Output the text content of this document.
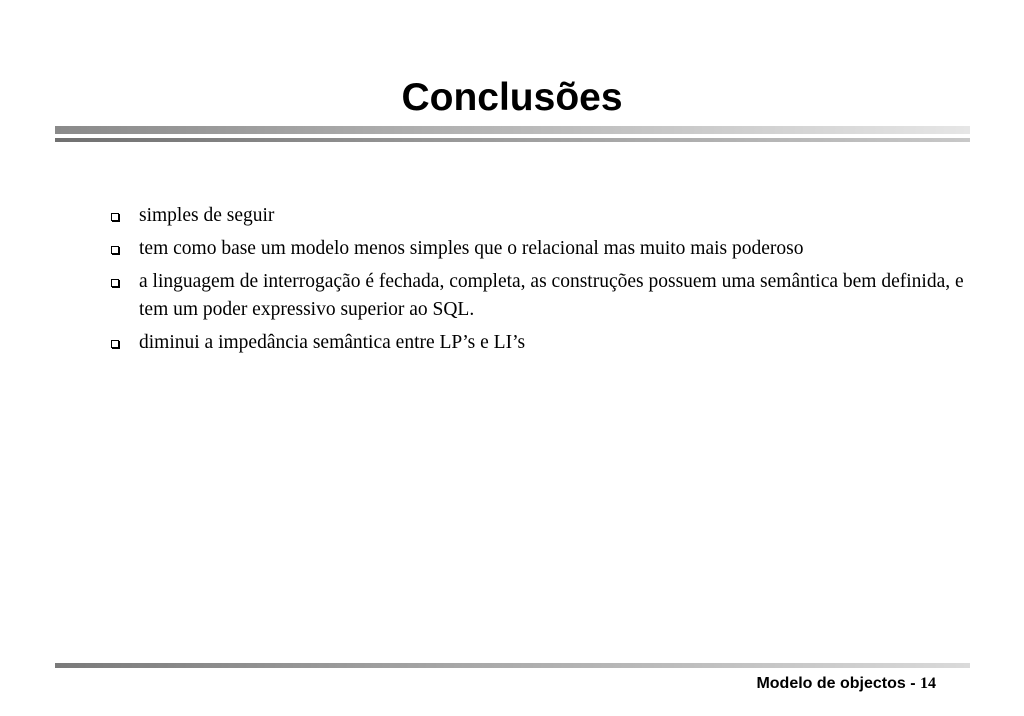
Conclusões
simples de seguir
tem como base um modelo menos simples que o relacional mas muito mais poderoso
a linguagem de interrogação é fechada, completa, as construções possuem uma semântica bem definida, e tem um poder expressivo superior ao SQL.
diminui a impedância semântica entre LP’s e LI’s
Modelo de objectos - 14
